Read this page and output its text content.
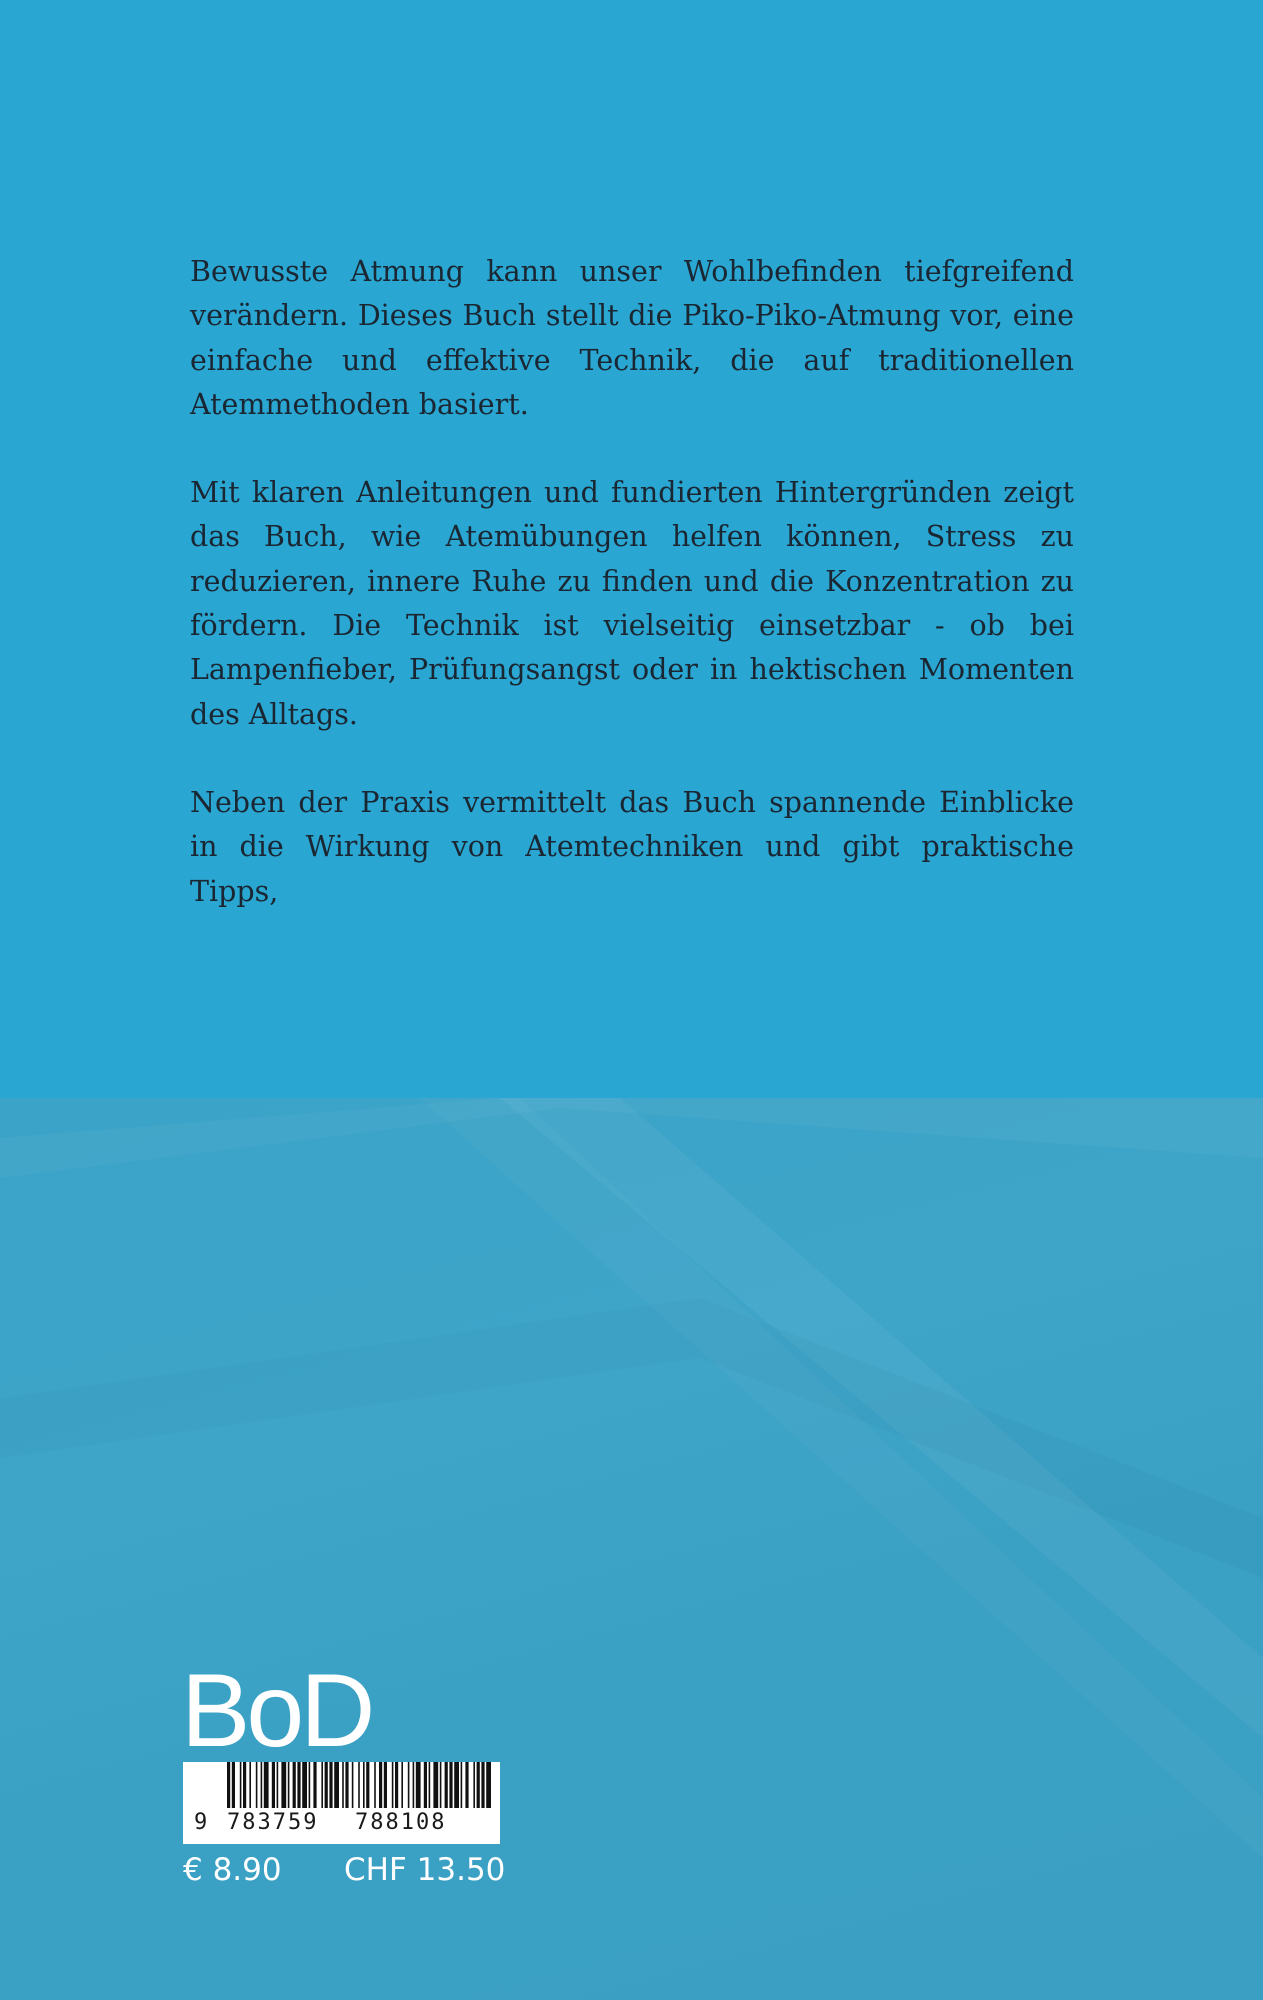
Bewusste Atmung kann unser Wohlbefinden tiefgreifend verändern. Dieses Buch stellt die Piko-Piko-Atmung vor, eine einfache und effektive Technik, die auf traditionellen Atemmethoden basiert.

Mit klaren Anleitungen und fundierten Hintergründen zeigt das Buch, wie Atemübungen helfen können, Stress zu reduzieren, innere Ruhe zu finden und die Konzentration zu fördern. Die Technik ist vielseitig einsetzbar - ob bei Lampenfieber, Prüfungsangst oder in hektischen Momenten des Alltags.

Neben der Praxis vermittelt das Buch spannende Einblicke in die Wirkung von Atemtechniken und gibt praktische Tipps,

BoD
9 783759 788108
€ 8.90 CHF 13.50
